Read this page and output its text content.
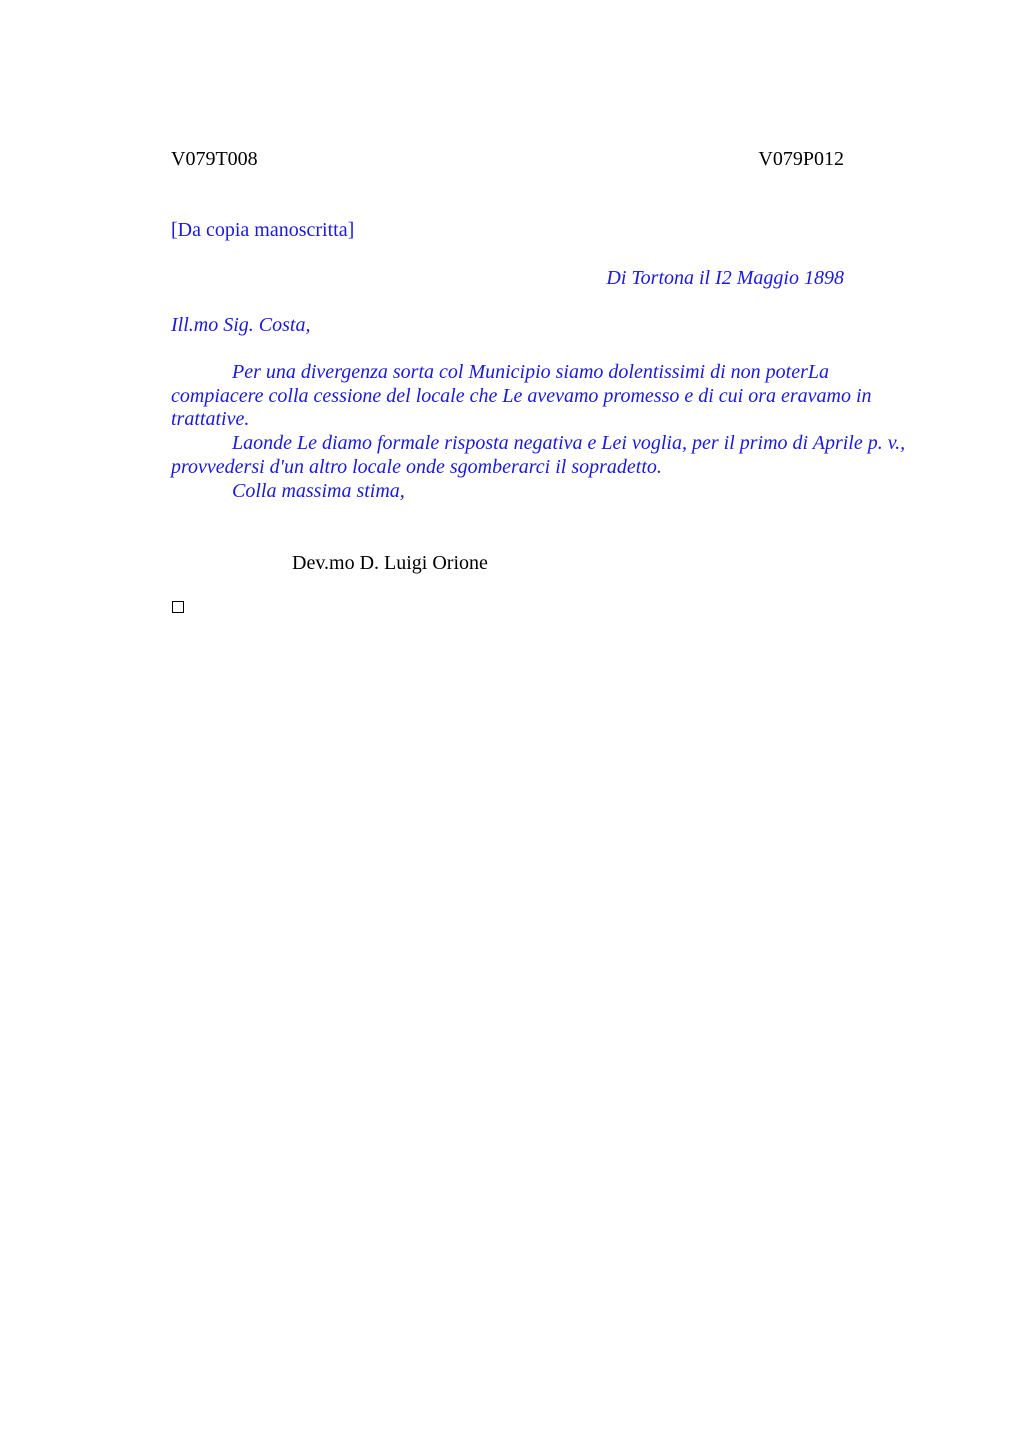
V079T008	V079P012
[Da copia manoscritta]
Di Tortona il I2 Maggio 1898
Ill.mo Sig. Costa,

Per una divergenza sorta col Municipio siamo dolentissimi di non poterLa compiacere colla cessione del locale che Le avevamo promesso e di cui ora eravamo in trattative.

Laonde Le diamo formale risposta negativa e Lei voglia, per il primo di Aprile p. v., provvedersi d'un altro locale onde sgomberarci il sopradetto.

Colla massima stima,

Dev.mo D. Luigi Orione
